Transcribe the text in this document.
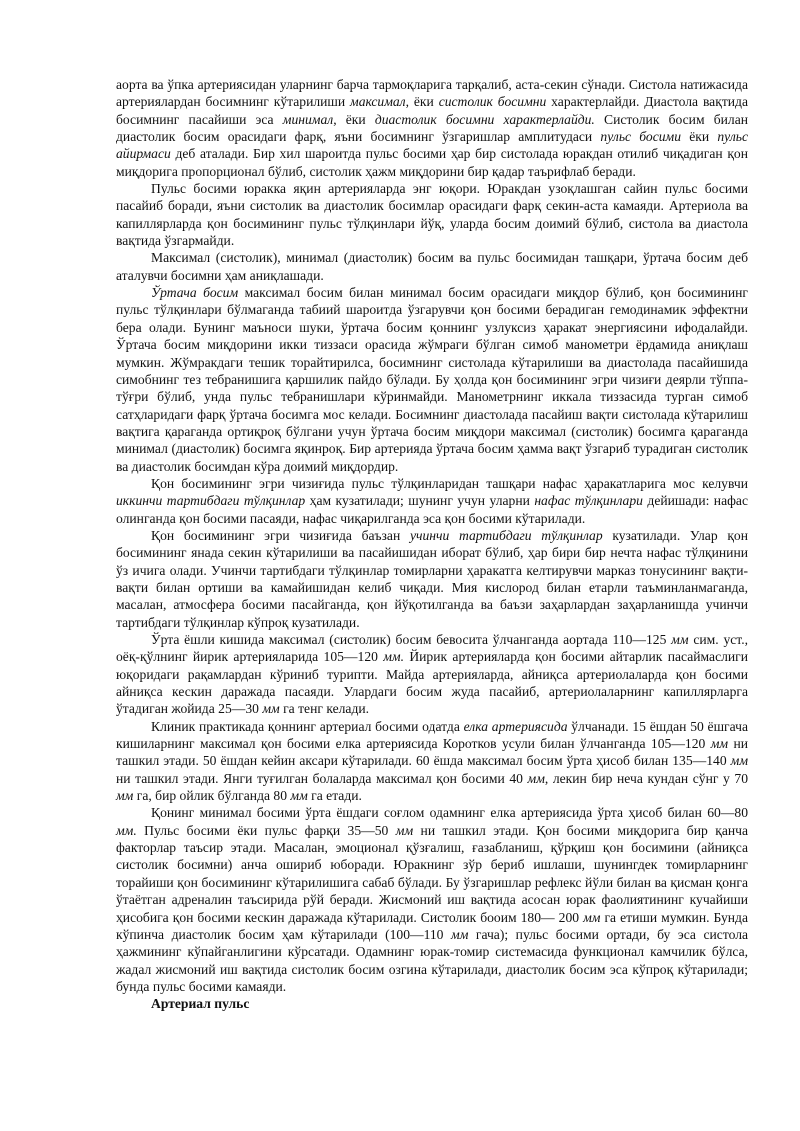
аорта ва ўпка артериясидан уларнинг барча тармоқларига тарқалиб, аста-секин сўнади. Систола натижасида артериялардан босимнинг кўтарилиши максимал, ёки систолик босимни характерлайди. Диастола вақтида босимнинг пасайиши эса минимал, ёки диастолик босимни характерлайди. Систолик босим билан диастолик босим орасидаги фарқ, яъни босимнинг ўзгаришлар амплитудаси пульс босими ёки пульс айирмаси деб аталади. Бир хил шароитда пульс босими ҳар бир систолада юракдан отилиб чиқадиган қон миқдорига пропорционал бўлиб, систолик ҳажм миқдорини бир қадар таърифлаб беради.

Пульс босими юракка яқин артерияларда энг юқори. Юракдан узоқлашган сайин пульс босими пасайиб боради, яъни систолик ва диастолик босимлар орасидаги фарқ секин-аста камаяди. Артериола ва капиллярларда қон босимининг пульс тўлқинлари йўқ, уларда босим доимий бўлиб, систола ва диастола вақтида ўзгармайди.

Максимал (систолик), минимал (диастолик) босим ва пульс босимидан ташқари, ўртача босим деб аталувчи босимни ҳам аниқлашади.

Ўртача босим максимал босим билан минимал босим орасидаги миқдор бўлиб, қон босимининг пульс тўлқинлари бўлмаганда табиий шароитда ўзгарувчи қон босими берадиган гемодинамик эффектни бера олади. Бунинг маъноси шуки, ўртача босим қоннинг узлуксиз ҳаракат энергиясини ифодалайди. Ўртача босим миқдорини икки тиззаси орасида жўмраги бўлган симоб манометри ёрдамида аниқлаш мумкин. Жўмракдаги тешик торайтирилса, босимнинг систолада кўтарилиши ва диастолада пасайишида симобнинг тез тебранишига қаршилик пайдо бўлади. Бу ҳолда қон босимининг эгри чизиғи деярли тўппа-тўғри бўлиб, унда пульс тебранишлари кўринмайди. Манометрнинг иккала тиззасида турган симоб сатҳларидаги фарқ ўртача босимга мос келади. Босимнинг диастолада пасайиш вақти систолада кўтарилиш вақтига қараганда ортиқроқ бўлгани учун ўртача босим миқдори максимал (систолик) босимга қараганда минимал (диастолик) босимга яқинроқ. Бир артерияда ўртача босим ҳамма вақт ўзгариб турадиган систолик ва диастолик босимдан кўра доимий миқдордир.

Қон босимининг эгри чизиғида пульс тўлқинларидан ташқари нафас ҳаракатларига мос келувчи иккинчи тартибдаги тўлқинлар ҳам кузатилади; шунинг учун уларни нафас тўлқинлари дейишади: нафас олинганда қон босими пасаяди, нафас чиқарилганда эса қон босими кўтарилади.

Қон босимининг эгри чизиғида баъзан учинчи тартибдаги тўлқинлар кузатилади. Улар қон босимининг янада секин кўтарилиши ва пасайишидан иборат бўлиб, ҳар бири бир нечта нафас тўлқинини ўз ичига олади. Учинчи тартибдаги тўлқинлар томирларни ҳаракатга келтирувчи марказ тонусининг вақти-вақти билан ортиши ва камайишидан келиб чиқади. Мия кислород билан етарли таъминланмаганда, масалан, атмосфера босими пасайганда, қон йўқотилганда ва баъзи заҳарлардан заҳарланишда учинчи тартибдаги тўлқинлар кўпроқ кузатилади.

Ўрта ёшли кишида максимал (систолик) босим бевосита ўлчанганда аортада 110—125 мм сим. уст., оёқ-қўлнинг йирик артерияларида 105—120 мм. Йирик артерияларда қон босими айтарлик пасаймаслиги юқоридаги рақамлардан кўриниб турипти. Майда артерияларда, айниқса артериолаларда қон босими айниқса кескин даражада пасаяди. Улардаги босим жуда пасайиб, артериолаларнинг капиллярларга ўтадиган жойида 25—30 мм га тенг келади.

Клиник практикада қоннинг артериал босими одатда елка артериясида ўлчанади. 15 ёшдан 50 ёшгача кишиларнинг максимал қон босими елка артериясида Коротков усули билан ўлчанганда 105—120 мм ни ташкил этади. 50 ёшдан кейин аксари кўтарилади. 60 ёшда максимал босим ўрта ҳисоб билан 135—140 мм ни ташкил этади. Янги туғилган болаларда максимал қон босими 40 мм, лекин бир неча кундан сўнг у 70 мм га, бир ойлик бўлганда 80 мм га етади.

Қонинг минимал босими ўрта ёшдаги соғлом одамнинг елка артериясида ўрта ҳисоб билан 60—80 мм. Пульс босими ёки пульс фарқи 35—50 мм ни ташкил этади. Қон босими миқдорига бир қанча факторлар таъсир этади. Масалан, эмоционал қўзғалиш, ғазабланиш, қўрқиш қон босимини (айниқса систолик босимни) анча ошириб юборади. Юракнинг зўр бериб ишлаши, шунингдек томирларнинг торайиши қон босимининг кўтарилишига сабаб бўлади. Бу ўзгаришлар рефлекс йўли билан ва қисман қонга ўтаётган адреналин таъсирида рўй беради. Жисмоний иш вақтида асосан юрак фаолиятининг кучайиши ҳисобига қон босими кескин даражада кўтарилади. Систолик бооим 180— 200 мм га етиши мумкин. Бунда кўпинча диастолик босим ҳам кўтарилади (100—110 мм гача); пульс босими ортади, бу эса систола ҳажмининг кўпайганлигини кўрсатади. Одамнинг юрак-томир системасида функционал камчилик бўлса, жадал жисмоний иш вақтида систолик босим озгина кўтарилади, диастолик босим эса кўпроқ кўтарилади; бунда пульс босими камаяди.

Артериал пульс
